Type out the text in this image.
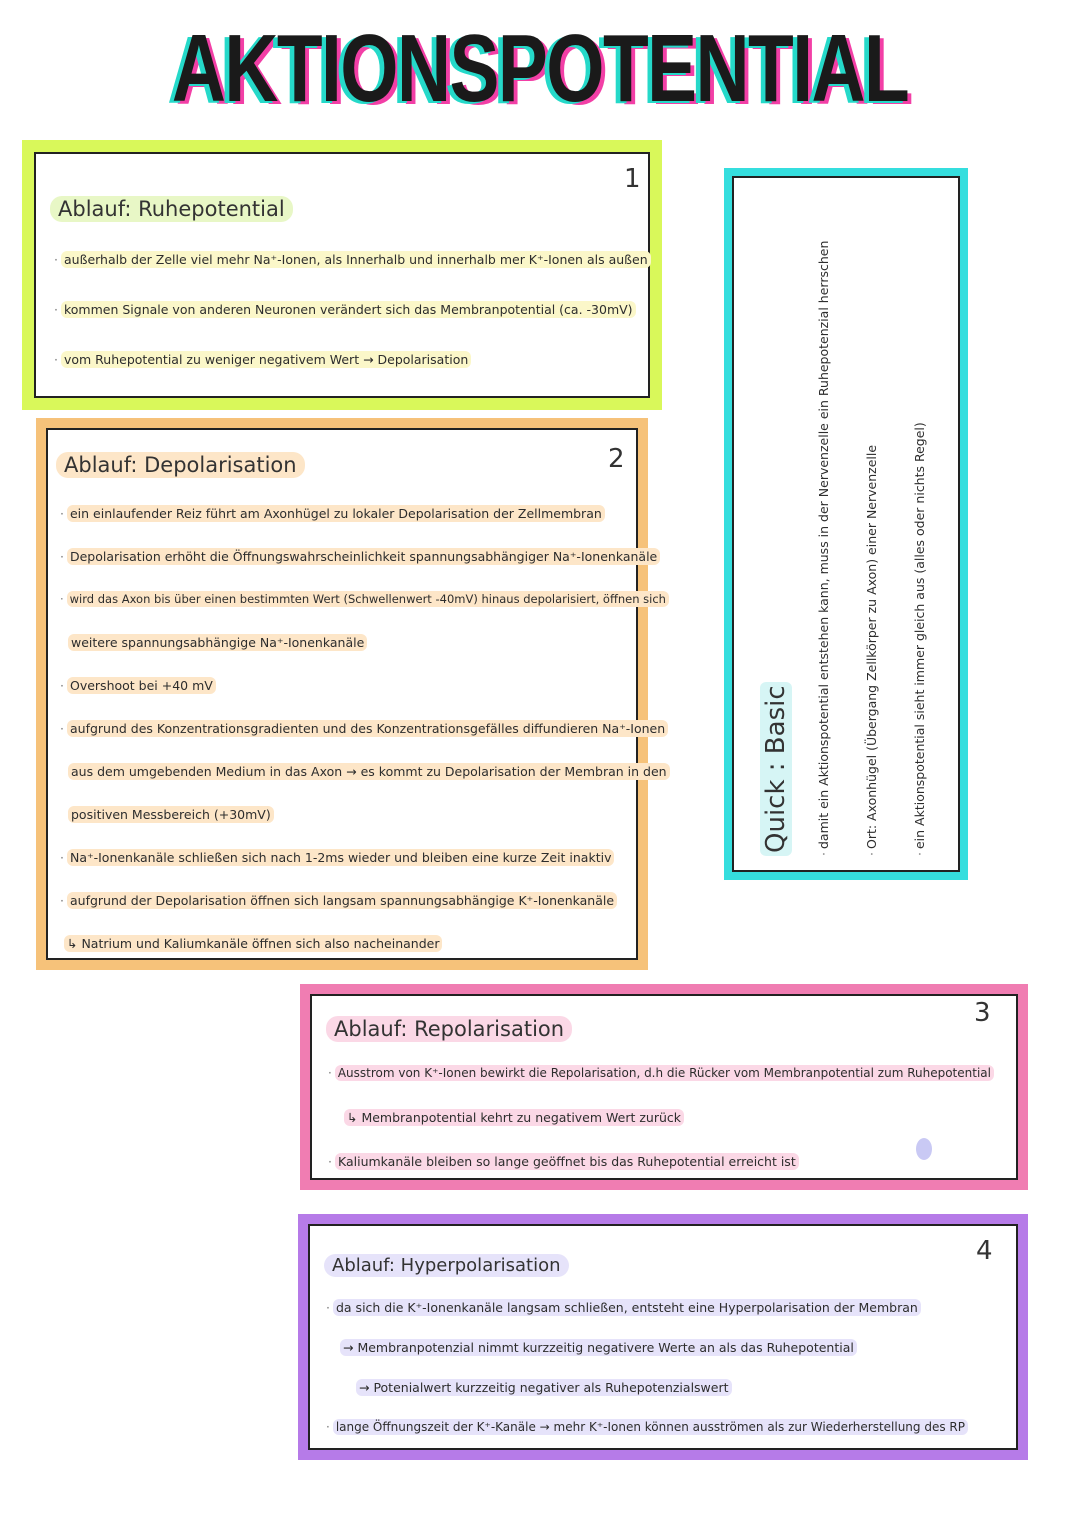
AKTIONSPOTENTIAL
1
Ablauf: Ruhepotential
· außerhalb der Zelle viel mehr Na⁺-Ionen, als Innerhalb und innerhalb mer K⁺-Ionen als außen
· kommen Signale von anderen Neuronen verändert sich das Membranpotential (ca. -30mV)
· vom Ruhepotential zu weniger negativem Wert → Depolarisation
2
Ablauf: Depolarisation
· ein einlaufender Reiz führt am Axonhügel zu lokaler Depolarisation der Zellmembran
· Depolarisation erhöht die Öffnungswahrscheinlichkeit spannungsabhängiger Na⁺-Ionenkanäle
· wird das Axon bis über einen bestimmten Wert (Schwellenwert -40mV) hinaus depolarisiert, öffnen sich
weitere spannungsabhängige Na⁺-Ionenkanäle
· Overshoot bei +40 mV
· aufgrund des Konzentrationsgradienten und des Konzentrationsgefälles diffundieren Na⁺-Ionen
aus dem umgebenden Medium in das Axon → es kommt zu Depolarisation der Membran in den
positiven Messbereich (+30mV)
· Na⁺-Ionenkanäle schließen sich nach 1-2ms wieder und bleiben eine kurze Zeit inaktiv
· aufgrund der Depolarisation öffnen sich langsam spannungsabhängige K⁺-Ionenkanäle
↳ Natrium und Kaliumkanäle öffnen sich also nacheinander
Quick : Basic
·damit ein Aktionspotential entstehen kann, muss in der Nervenzelle ein Ruhepotenzial herrschen
·Ort: Axonhügel (Übergang Zellkörper zu Axon) einer Nervenzelle
·ein Aktionspotential sieht immer gleich aus (alles oder nichts Regel)
3
Ablauf: Repolarisation
· Ausstrom von K⁺-Ionen bewirkt die Repolarisation, d.h die Rücker vom Membranpotential zum Ruhepotential
↳ Membranpotential kehrt zu negativem Wert zurück
· Kaliumkanäle bleiben so lange geöffnet bis das Ruhepotential erreicht ist
4
Ablauf: Hyperpolarisation
· da sich die K⁺-Ionenkanäle langsam schließen, entsteht eine Hyperpolarisation der Membran
→ Membranpotenzial nimmt kurzzeitig negativere Werte an als das Ruhepotential
→ Potenialwert kurzzeitig negativer als Ruhepotenzialswert
· lange Öffnungszeit der K⁺-Kanäle → mehr K⁺-Ionen können ausströmen als zur Wiederherstellung des RP
